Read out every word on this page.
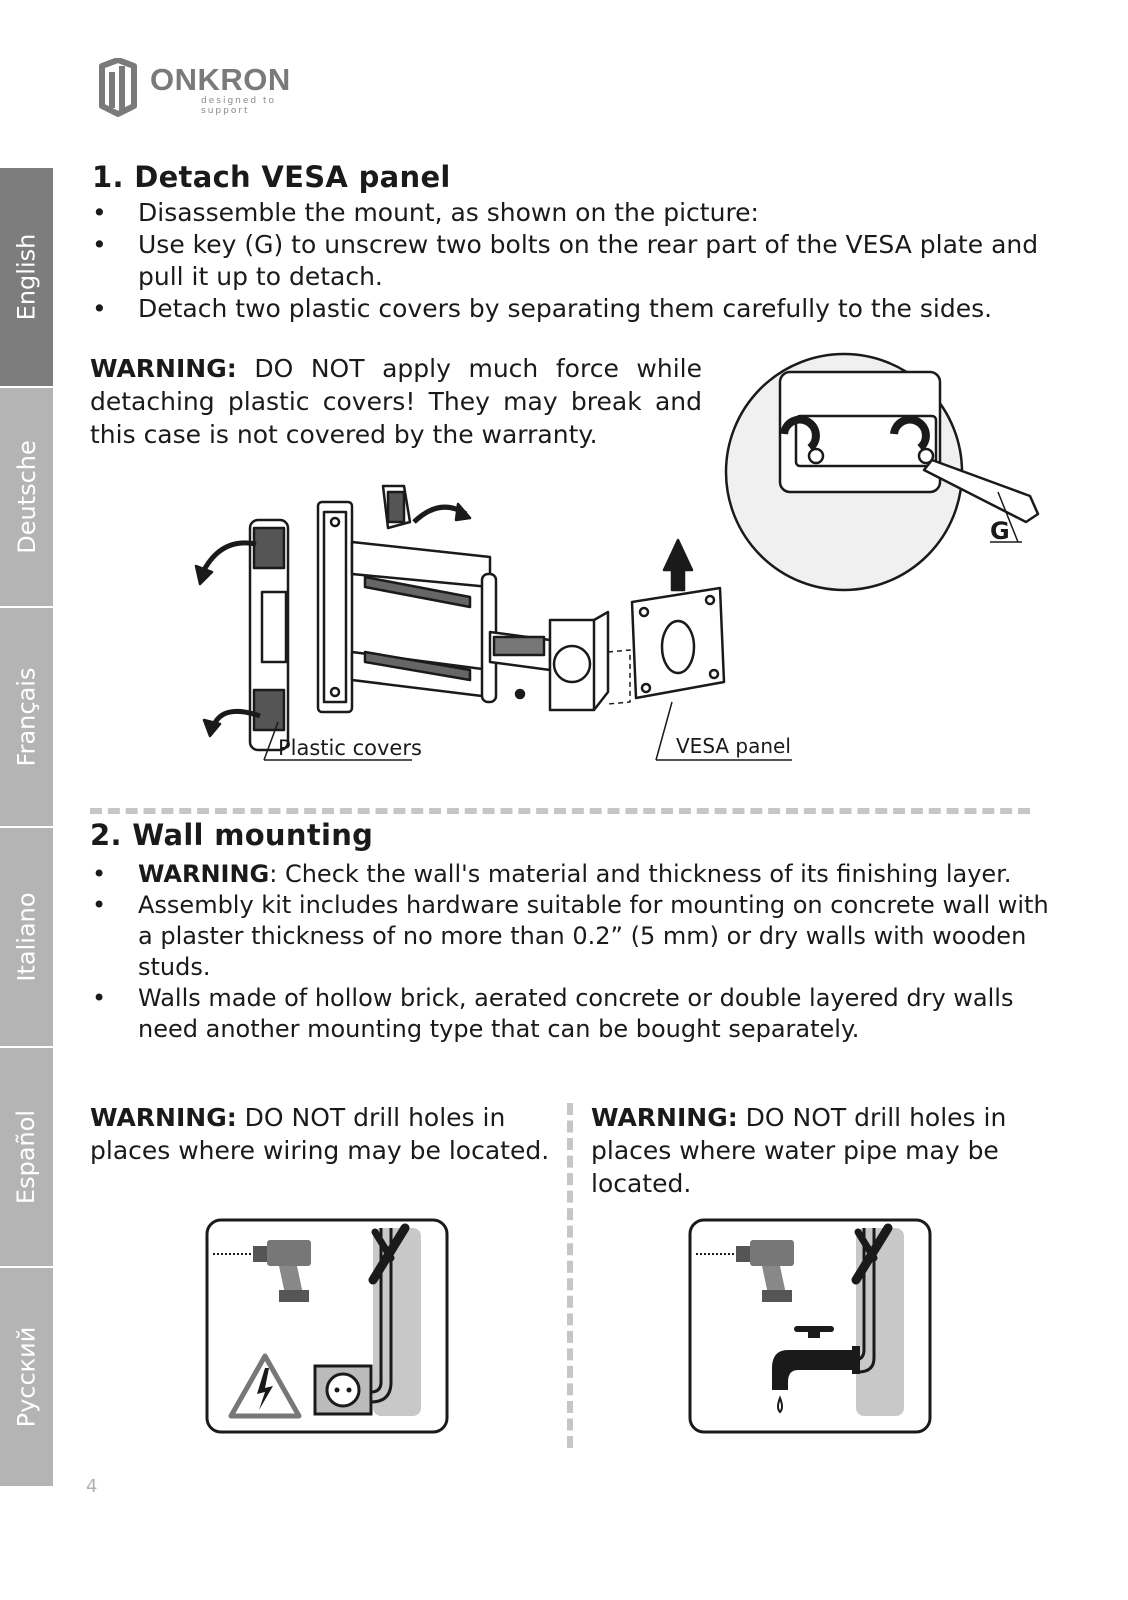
ONKRON
designed to support
English
Deutsche
Français
Italiano
Español
Русский
1. Detach VESA panel
• Disassemble the mount, as shown on the picture:
• Use key (G) to unscrew two bolts on the rear part of the VESA plate and pull it up to detach.
• Detach two plastic covers by separating them carefully to the sides.
WARNING: DO NOT apply much force while detaching plastic covers! They may break and this case is not covered by the warranty.
G
Plastic covers	VESA panel
2. Wall mounting
• WARNING: Check the wall's material and thickness of its finishing layer.
• Assembly kit includes hardware suitable for mounting on concrete wall with a plaster thickness of no more than 0.2” (5 mm) or dry walls with wooden studs.
• Walls made of hollow brick, aerated concrete or double layered dry walls need another mounting type that can be bought separately.
WARNING: DO NOT drill holes in places where wiring may be located.
WARNING: DO NOT drill holes in places where water pipe may be located.
4
